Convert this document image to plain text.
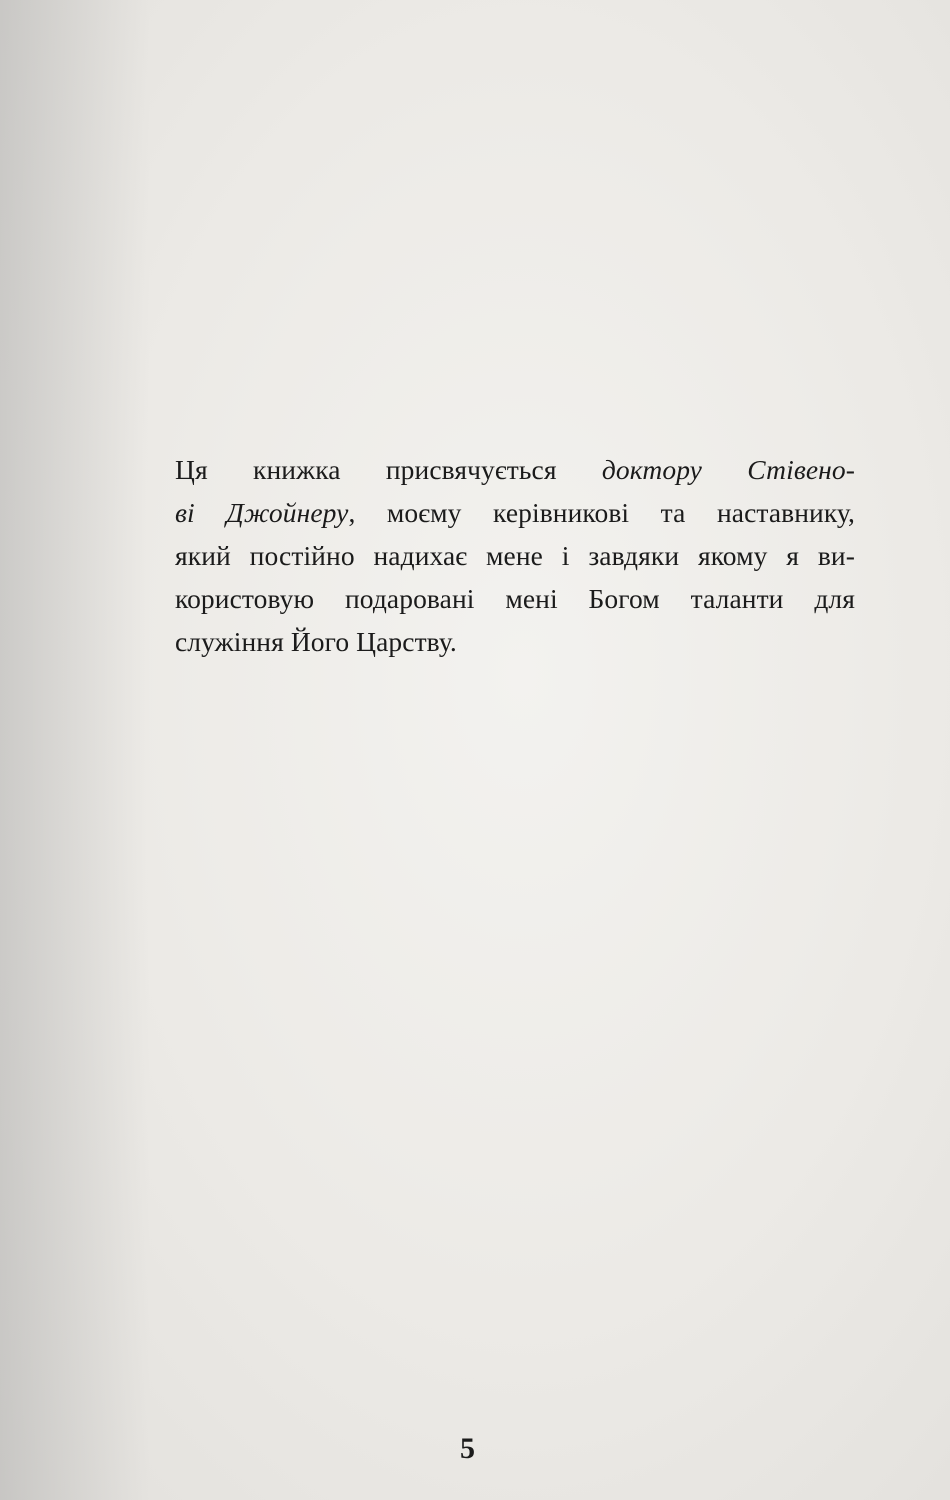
Ця книжка присвячується доктору Стівено-
ві Джойнеру, моєму керівникові та наставнику,
який постійно надихає мене і завдяки якому я ви-
користовую подаровані мені Богом таланти для
служіння Його Царству.

5
